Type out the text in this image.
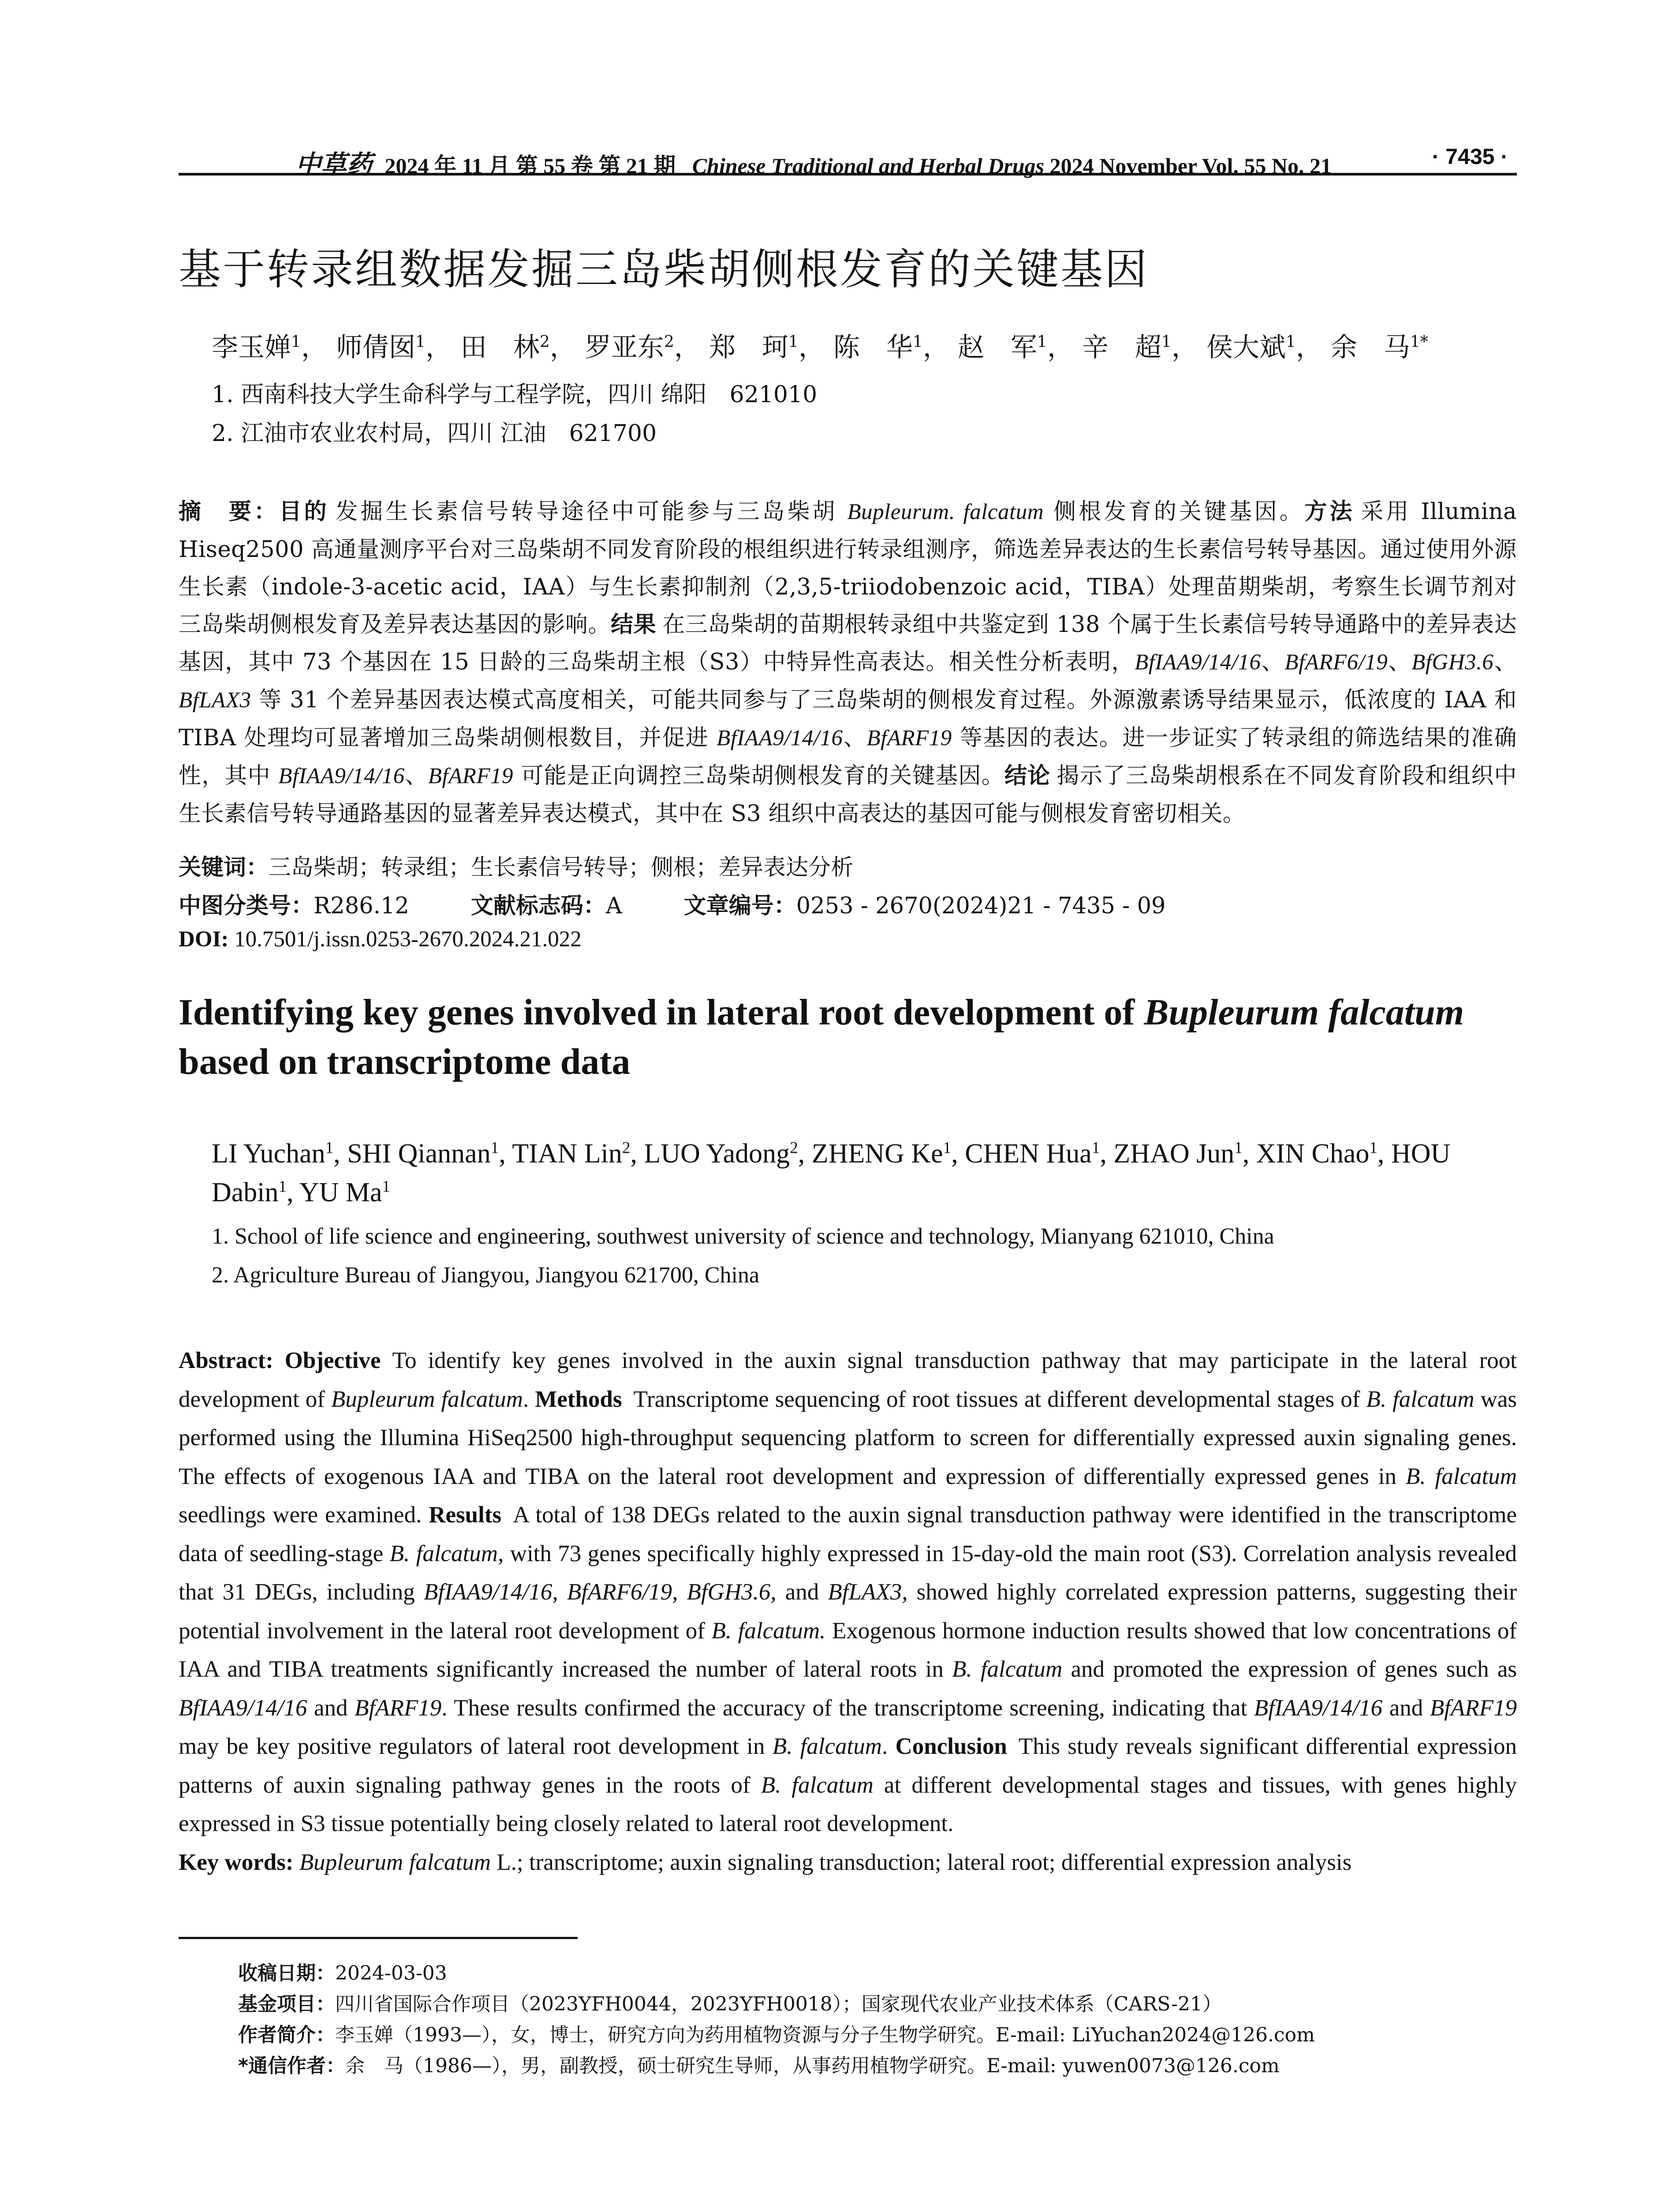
中草药 2024 年 11 月 第 55 卷 第 21 期 Chinese Traditional and Herbal Drugs 2024 November Vol. 55 No. 21	· 7435 ·
基于转录组数据发掘三岛柴胡侧根发育的关键基因
李玉婵$^1$， 师倩囡$^1$， 田　林$^2$， 罗亚东$^2$， 郑　珂$^1$， 陈　华$^1$， 赵　军$^1$， 辛　超$^1$， 侯大斌$^1$， 余　马$^{1*}$
1. 西南科技大学生命科学与工程学院，四川 绵阳　621010
2. 江油市农业农村局，四川 江油　621700
摘　要：目的 发掘生长素信号转导途径中可能参与三岛柴胡 Bupleurum. falcatum 侧根发育的关键基因。方法 采用 Illumina Hiseq2500 高通量测序平台对三岛柴胡不同发育阶段的根组织进行转录组测序，筛选差异表达的生长素信号转导基因。通过使用外源生长素（indole-3-acetic acid，IAA）与生长素抑制剂（2,3,5-triiodobenzoic acid，TIBA）处理苗期柴胡，考察生长调节剂对三岛柴胡侧根发育及差异表达基因的影响。结果 在三岛柴胡的苗期根转录组中共鉴定到 138 个属于生长素信号转导通路中的差异表达基因，其中 73 个基因在 15 日龄的三岛柴胡主根（S3）中特异性高表达。相关性分析表明，BfIAA9/14/16、BfARF6/19、BfGH3.6、BfLAX3 等 31 个差异基因表达模式高度相关，可能共同参与了三岛柴胡的侧根发育过程。外源激素诱导结果显示，低浓度的 IAA 和 TIBA 处理均可显著增加三岛柴胡侧根数目，并促进 BfIAA9/14/16、BfARF19 等基因的表达。进一步证实了转录组的筛选结果的准确性，其中 BfIAA9/14/16、BfARF19 可能是正向调控三岛柴胡侧根发育的关键基因。结论 揭示了三岛柴胡根系在不同发育阶段和组织中生长素信号转导通路基因的显著差异表达模式，其中在 S3 组织中高表达的基因可能与侧根发育密切相关。
关键词：三岛柴胡；转录组；生长素信号转导；侧根；差异表达分析
中图分类号：R286.12	文献标志码：A	文章编号：0253 - 2670(2024)21 - 7435 - 09
DOI: 10.7501/j.issn.0253-2670.2024.21.022
Identifying key genes involved in lateral root development of Bupleurum falcatum
based on transcriptome data
LI Yuchan$^1$, SHI Qiannan$^1$, TIAN Lin$^2$, LUO Yadong$^2$, ZHENG Ke$^1$, CHEN Hua$^1$, ZHAO Jun$^1$, XIN Chao$^1$, HOU Dabin$^1$, YU Ma$^1$
1. School of life science and engineering, southwest university of science and technology, Mianyang 621010, China
2. Agriculture Bureau of Jiangyou, Jiangyou 621700, China
Abstract: Objective To identify key genes involved in the auxin signal transduction pathway that may participate in the lateral root development of Bupleurum falcatum. Methods Transcriptome sequencing of root tissues at different developmental stages of B. falcatum was performed using the Illumina HiSeq2500 high-throughput sequencing platform to screen for differentially expressed auxin signaling genes. The effects of exogenous IAA and TIBA on the lateral root development and expression of differentially expressed genes in B. falcatum seedlings were examined. Results A total of 138 DEGs related to the auxin signal transduction pathway were identified in the transcriptome data of seedling-stage B. falcatum, with 73 genes specifically highly expressed in 15-day-old the main root (S3). Correlation analysis revealed that 31 DEGs, including BfIAA9/14/16, BfARF6/19, BfGH3.6, and BfLAX3, showed highly correlated expression patterns, suggesting their potential involvement in the lateral root development of B. falcatum. Exogenous hormone induction results showed that low concentrations of IAA and TIBA treatments significantly increased the number of lateral roots in B. falcatum and promoted the expression of genes such as BfIAA9/14/16 and BfARF19. These results confirmed the accuracy of the transcriptome screening, indicating that BfIAA9/14/16 and BfARF19 may be key positive regulators of lateral root development in B. falcatum. Conclusion This study reveals significant differential expression patterns of auxin signaling pathway genes in the roots of B. falcatum at different developmental stages and tissues, with genes highly expressed in S3 tissue potentially being closely related to lateral root development.
Key words: Bupleurum falcatum L.; transcriptome; auxin signaling transduction; lateral root; differential expression analysis
收稿日期：2024-03-03
基金项目：四川省国际合作项目（2023YFH0044，2023YFH0018）；国家现代农业产业技术体系（CARS-21）
作者简介：李玉婵（1993—），女，博士，研究方向为药用植物资源与分子生物学研究。E-mail: LiYuchan2024@126.com
*通信作者：余　马（1986—），男，副教授，硕士研究生导师，从事药用植物学研究。E-mail: yuwen0073@126.com
